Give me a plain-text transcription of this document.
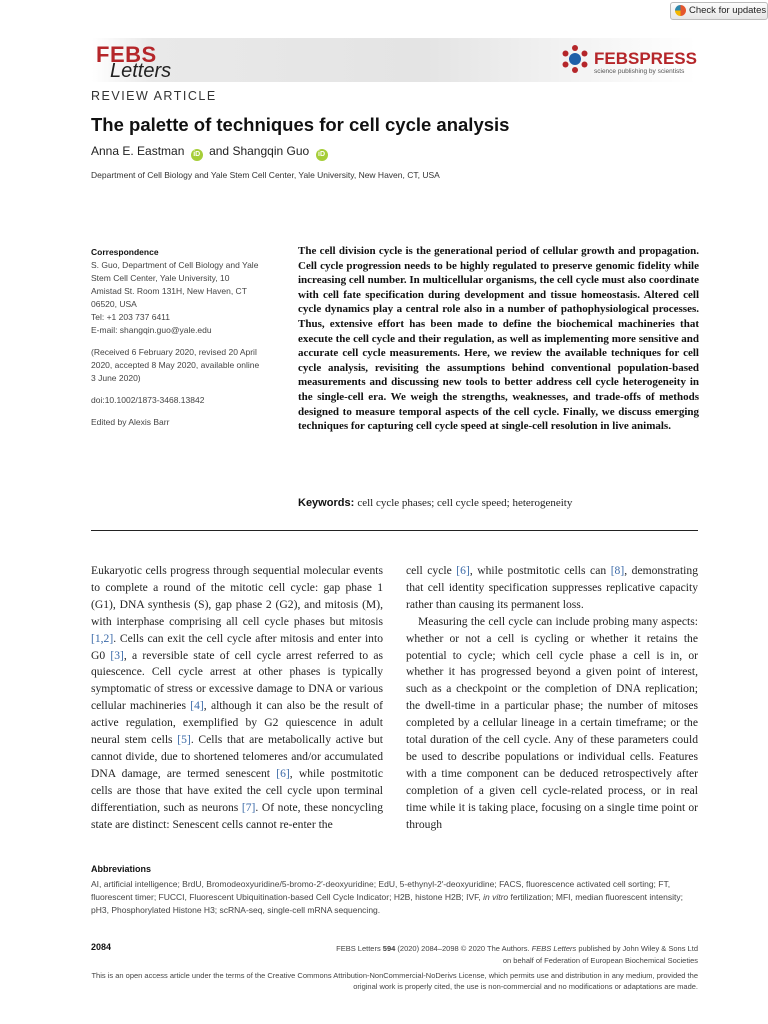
Check for updates
FEBS
Letters
FEBSPRESS
science publishing by scientists
REVIEW ARTICLE
The palette of techniques for cell cycle analysis
Anna E. Eastman iD and Shangqin Guo iD
Department of Cell Biology and Yale Stem Cell Center, Yale University, New Haven, CT, USA
Correspondence
S. Guo, Department of Cell Biology and Yale
Stem Cell Center, Yale University, 10
Amistad St. Room 131H, New Haven, CT
06520, USA
Tel: +1 203 737 6411
E-mail: shangqin.guo@yale.edu
(Received 6 February 2020, revised 20 April
2020, accepted 8 May 2020, available online
3 June 2020)
doi:10.1002/1873-3468.13842
Edited by Alexis Barr

The cell division cycle is the generational period of cellular growth and propagation. Cell cycle progression needs to be highly regulated to preserve genomic fidelity while increasing cell number. In multicellular organisms, the cell cycle must also coordinate with cell fate specification during development and tissue homeostasis. Altered cell cycle dynamics play a central role also in a number of pathophysiological processes. Thus, extensive effort has been made to define the biochemical machineries that execute the cell cycle and their regulation, as well as implementing more sensitive and accurate cell cycle measurements. Here, we review the available techniques for cell cycle analysis, revisiting the assumptions behind conventional population-based measurements and discussing new tools to better address cell cycle heterogeneity in the single-cell era. We weigh the strengths, weaknesses, and trade-offs of methods designed to measure temporal aspects of the cell cycle. Finally, we discuss emerging techniques for capturing cell cycle speed at single-cell resolution in live animals.

Keywords: cell cycle phases; cell cycle speed; heterogeneity

Eukaryotic cells progress through sequential molecular events to complete a round of the mitotic cell cycle: gap phase 1 (G1), DNA synthesis (S), gap phase 2 (G2), and mitosis (M), with interphase comprising all cell cycle phases but mitosis [1,2]. Cells can exit the cell cycle after mitosis and enter into G0 [3], a reversible state of cell cycle arrest referred to as quiescence. Cell cycle arrest at other phases is typically symptomatic of stress or excessive damage to DNA or various cellular machineries [4], although it can also be the result of active regulation, exemplified by G2 quiescence in adult neural stem cells [5]. Cells that are metabolically active but cannot divide, due to shortened telomeres and/or accumulated DNA damage, are termed senescent [6], while postmitotic cells are those that have exited the cell cycle upon terminal differentiation, such as neurons [7]. Of note, these noncycling state are distinct: Senescent cells cannot re-enter the

cell cycle [6], while postmitotic cells can [8], demonstrating that cell identity specification suppresses replicative capacity rather than causing its permanent loss.

Measuring the cell cycle can include probing many aspects: whether or not a cell is cycling or whether it retains the potential to cycle; which cell cycle phase a cell is in, or whether it has progressed beyond a given point of interest, such as a checkpoint or the completion of DNA replication; the dwell-time in a particular phase; the number of mitoses completed by a cellular lineage in a certain timeframe; or the total duration of the cell cycle. Any of these parameters could be used to describe populations or individual cells. Features with a time component can be deduced retrospectively after completion of a given cell cycle-related process, or in real time while it is taking place, focusing on a single time point or through

Abbreviations
AI, artificial intelligence; BrdU, Bromodeoxyuridine/5-bromo-2′-deoxyuridine; EdU, 5-ethynyl-2′-deoxyuridine; FACS, fluorescence activated cell sorting; FT, fluorescent timer; FUCCI, Fluorescent Ubiquitination-based Cell Cycle Indicator; H2B, histone H2B; IVF, in vitro fertilization; MFI, median fluorescent intensity; pH3, Phosphorylated Histone H3; scRNA-seq, single-cell mRNA sequencing.
2084	FEBS Letters 594 (2020) 2084–2098 © 2020 The Authors. FEBS Letters published by John Wiley & Sons Ltd
on behalf of Federation of European Biochemical Societies
This is an open access article under the terms of the Creative Commons Attribution-NonCommercial-NoDerivs License, which permits use and distribution in any medium, provided the original work is properly cited, the use is non-commercial and no modifications or adaptations are made.
